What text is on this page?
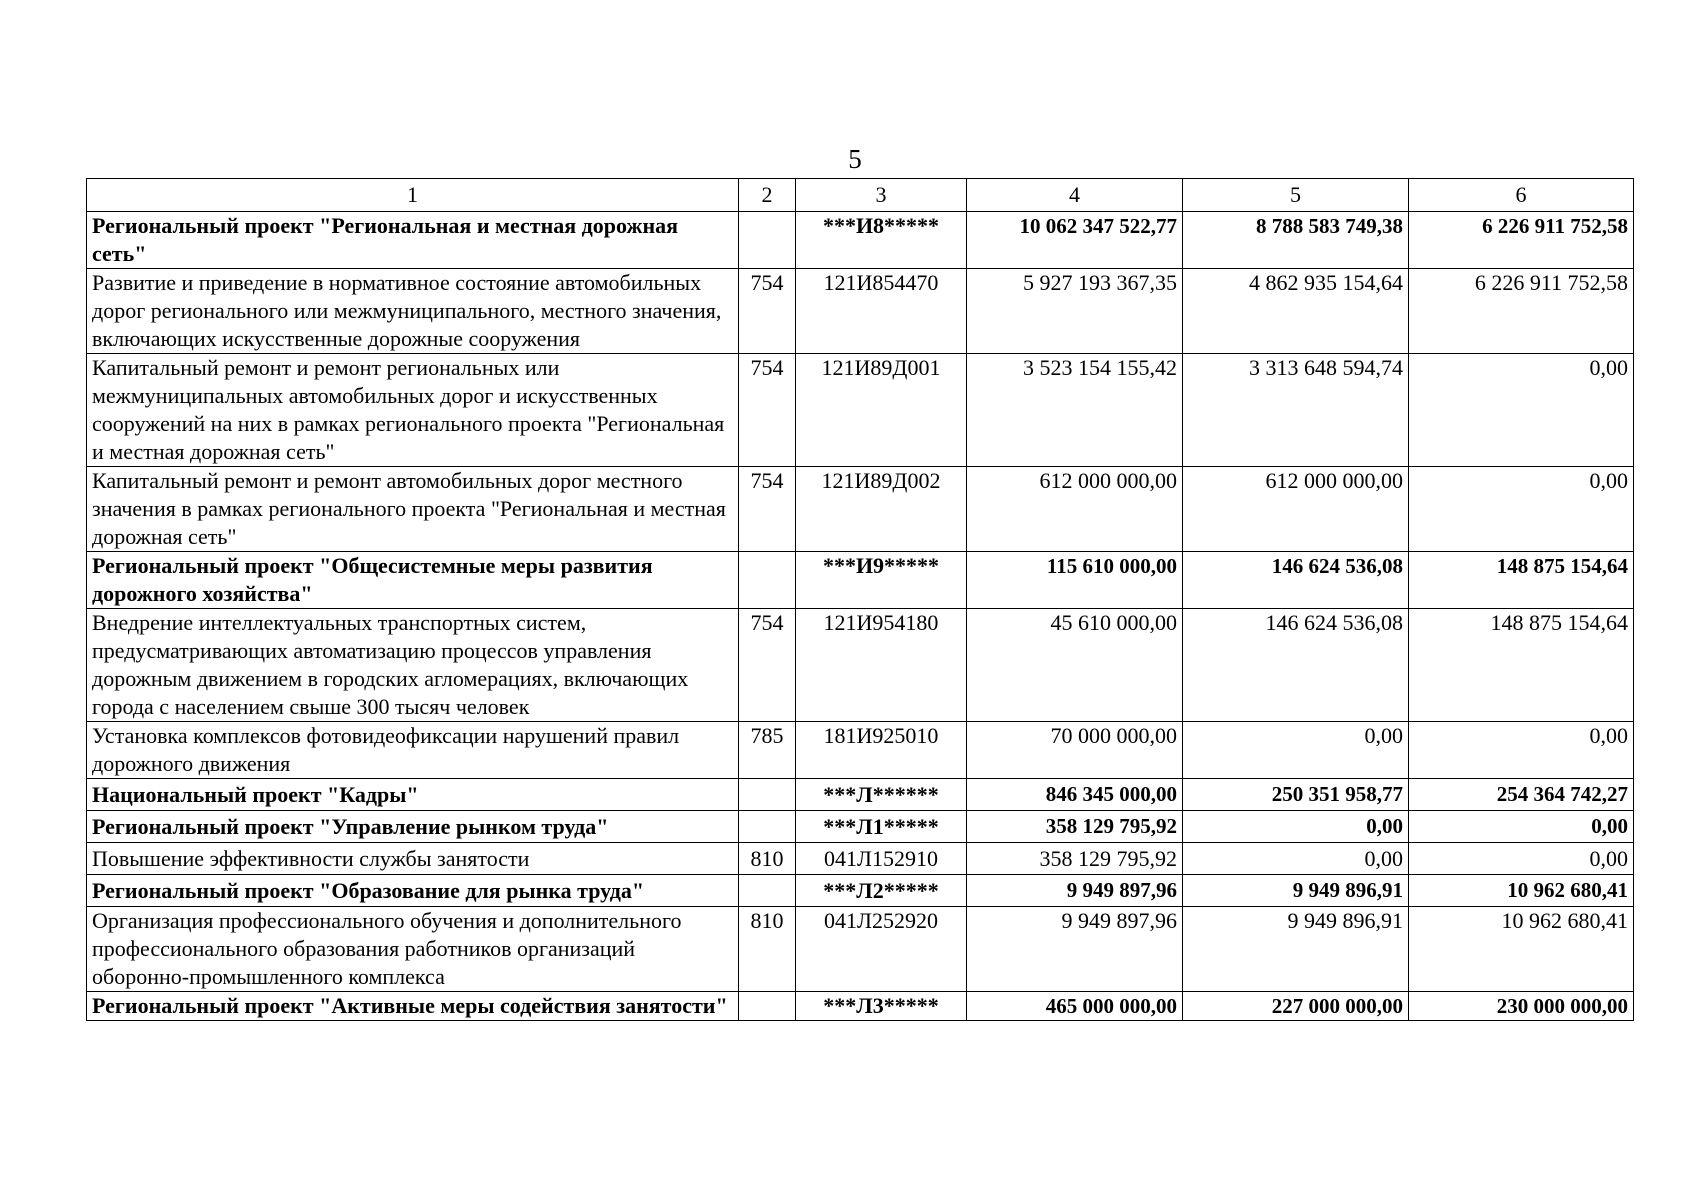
5
1	2	3	4	5	6
Региональный проект "Региональная и местная дорожная сеть"		***И8*****	10 062 347 522,77	8 788 583 749,38	6 226 911 752,58
Развитие и приведение в нормативное состояние автомобильных дорог регионального или межмуниципального, местного значения, включающих искусственные дорожные сооружения	754	121И854470	5 927 193 367,35	4 862 935 154,64	6 226 911 752,58
Капитальный ремонт и ремонт региональных или межмуниципальных автомобильных дорог и искусственных сооружений на них в рамках регионального проекта "Региональная и местная дорожная сеть"	754	121И89Д001	3 523 154 155,42	3 313 648 594,74	0,00
Капитальный ремонт и ремонт автомобильных дорог местного значения в рамках регионального проекта "Региональная и местная дорожная сеть"	754	121И89Д002	612 000 000,00	612 000 000,00	0,00
Региональный проект "Общесистемные меры развития дорожного хозяйства"		***И9*****	115 610 000,00	146 624 536,08	148 875 154,64
Внедрение интеллектуальных транспортных систем, предусматривающих автоматизацию процессов управления дорожным движением в городских агломерациях, включающих города с населением свыше 300 тысяч человек	754	121И954180	45 610 000,00	146 624 536,08	148 875 154,64
Установка комплексов фотовидеофиксации нарушений правил дорожного движения	785	181И925010	70 000 000,00	0,00	0,00
Национальный проект "Кадры"		***Л******	846 345 000,00	250 351 958,77	254 364 742,27
Региональный проект "Управление рынком труда"		***Л1*****	358 129 795,92	0,00	0,00
Повышение эффективности службы занятости	810	041Л152910	358 129 795,92	0,00	0,00
Региональный проект "Образование для рынка труда"		***Л2*****	9 949 897,96	9 949 896,91	10 962 680,41
Организация профессионального обучения и дополнительного профессионального образования работников организаций оборонно-промышленного комплекса	810	041Л252920	9 949 897,96	9 949 896,91	10 962 680,41
Региональный проект "Активные меры содействия занятости"		***Л3*****	465 000 000,00	227 000 000,00	230 000 000,00
